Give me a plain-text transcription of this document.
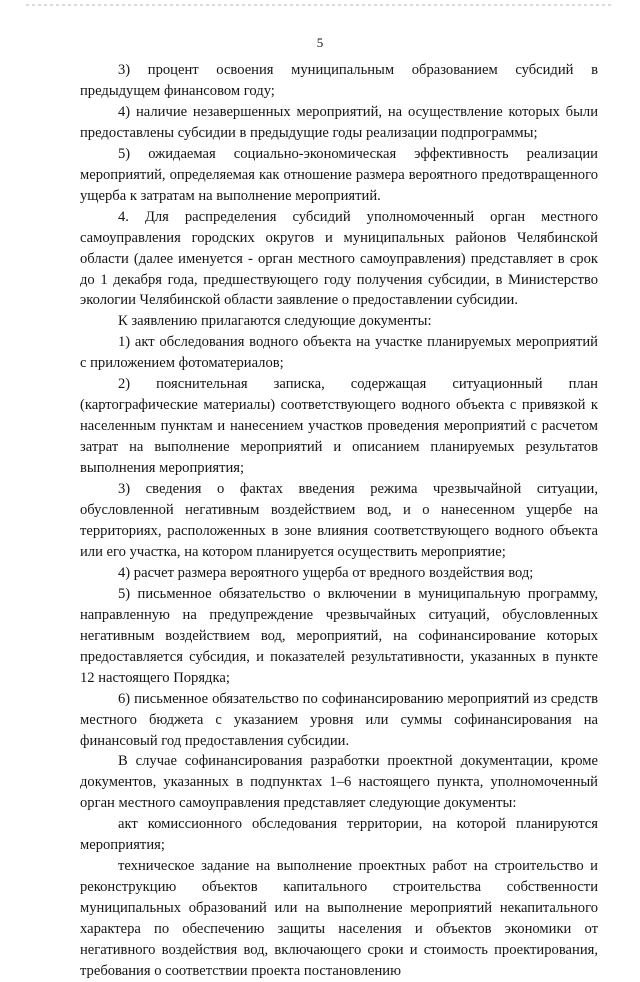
5

3) процент освоения муниципальным образованием субсидий в предыдущем финансовом году;

4) наличие незавершенных мероприятий, на осуществление которых были предоставлены субсидии в предыдущие годы реализации подпрограммы;

5) ожидаемая социально-экономическая эффективность реализации мероприятий, определяемая как отношение размера вероятного предотвращенного ущерба к затратам на выполнение мероприятий.

4. Для распределения субсидий уполномоченный орган местного самоуправления городских округов и муниципальных районов Челябинской области (далее именуется - орган местного самоуправления) представляет в срок до 1 декабря года, предшествующего году получения субсидии, в Министерство экологии Челябинской области заявление о предоставлении субсидии.

К заявлению прилагаются следующие документы:

1) акт обследования водного объекта на участке планируемых мероприятий с приложением фотоматериалов;

2) пояснительная записка, содержащая ситуационный план (картографические материалы) соответствующего водного объекта с привязкой к населенным пунктам и нанесением участков проведения мероприятий с расчетом затрат на выполнение мероприятий и описанием планируемых результатов выполнения мероприятия;

3) сведения о фактах введения режима чрезвычайной ситуации, обусловленной негативным воздействием вод, и о нанесенном ущербе на территориях, расположенных в зоне влияния соответствующего водного объекта или его участка, на котором планируется осуществить мероприятие;

4) расчет размера вероятного ущерба от вредного воздействия вод;

5) письменное обязательство о включении в муниципальную программу, направленную на предупреждение чрезвычайных ситуаций, обусловленных негативным воздействием вод, мероприятий, на софинансирование которых предоставляется субсидия, и показателей результативности, указанных в пункте 12 настоящего Порядка;

6) письменное обязательство по софинансированию мероприятий из средств местного бюджета с указанием уровня или суммы софинансирования на финансовый год предоставления субсидии.

В случае софинансирования разработки проектной документации, кроме документов, указанных в подпунктах 1–6 настоящего пункта, уполномоченный орган местного самоуправления представляет следующие документы:

акт комиссионного обследования территории, на которой планируются мероприятия;

техническое задание на выполнение проектных работ на строительство и реконструкцию объектов капитального строительства собственности муниципальных образований или на выполнение мероприятий некапитального характера по обеспечению защиты населения и объектов экономики от негативного воздействия вод, включающего сроки и стоимость проектирования, требования о соответствии проекта постановлению
